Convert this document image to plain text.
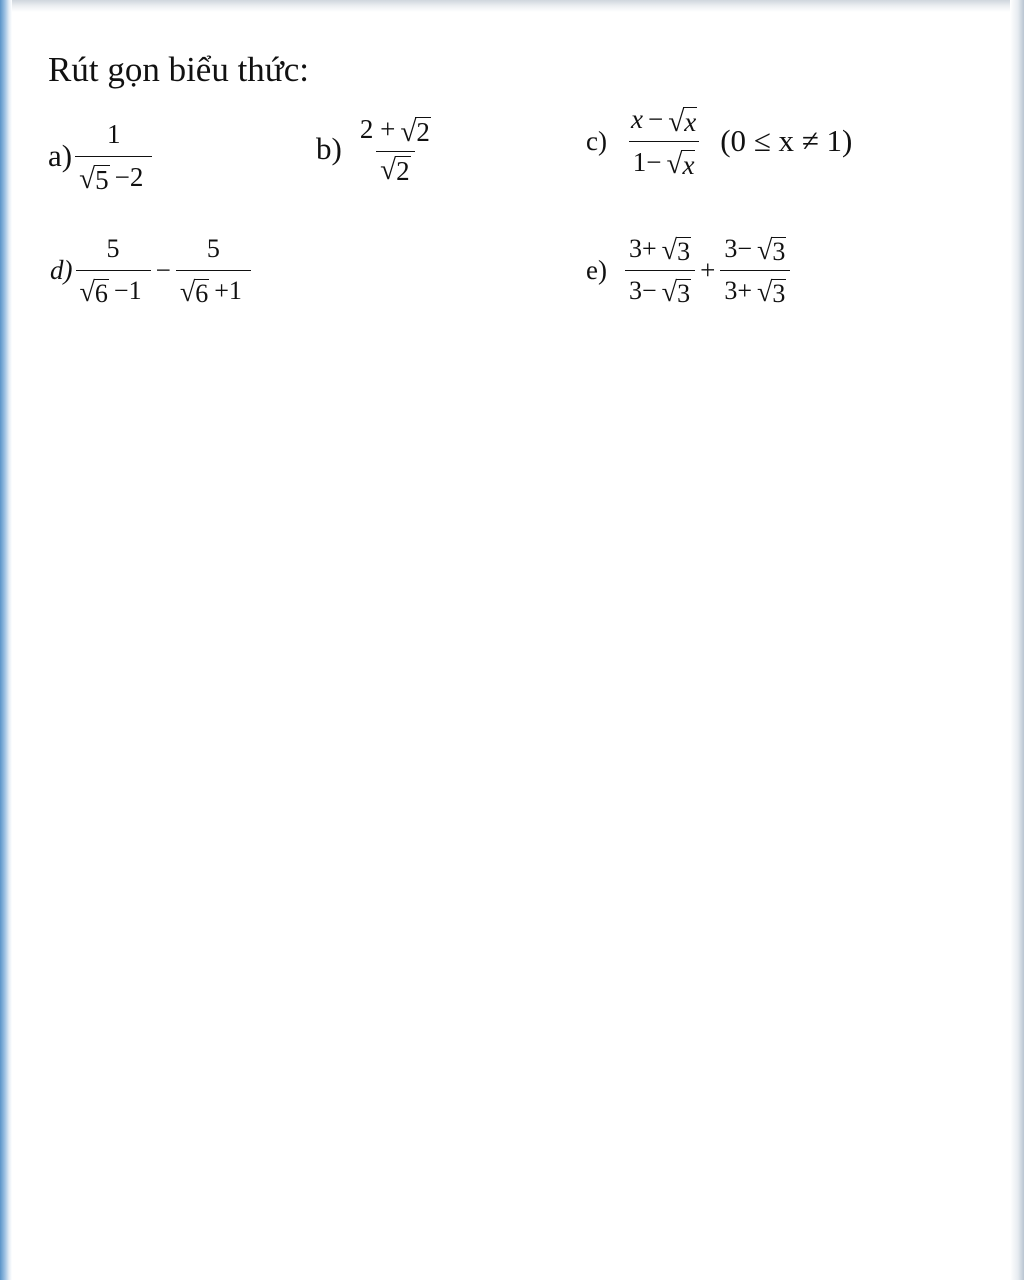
Rút gọn biểu thức:
$a) \frac{1}{√ 5 -2}$	$b) \frac{2 + √ 2}{√ 2}$	$c) \frac{x - √ x}{1- √ x} (0 \le x \ne 1)$
$d) \frac{5}{√ 6 -1} - \frac{5}{√ 6 +1}$	$e) \frac{3+ √ 3}{3- √ 3} + \frac{3- √ 3}{3+ √ 3}$
